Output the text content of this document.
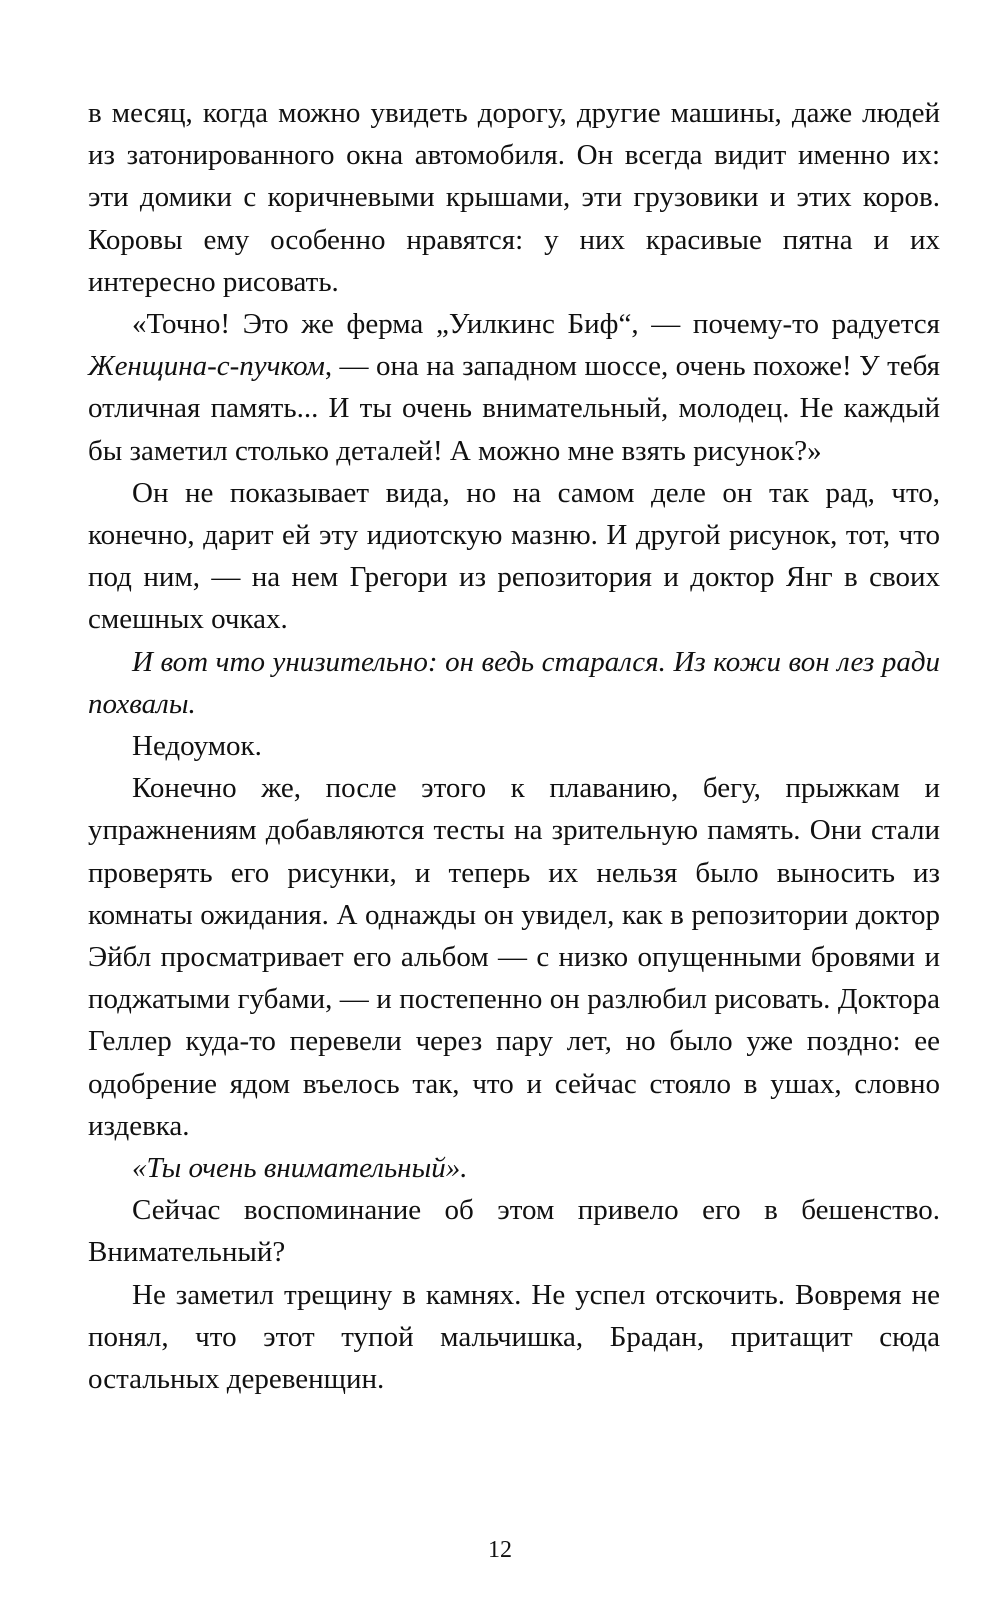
в месяц, когда можно увидеть дорогу, другие машины, даже людей из затонированного окна автомобиля. Он всегда видит именно их: эти домики с коричневыми крышами, эти грузовики и этих коров. Коровы ему особенно нравятся: у них красивые пятна и их интересно рисовать.

«Точно! Это же ферма „Уилкинс Биф“, — почему-то радуется Женщина-с-пучком, — она на западном шоссе, очень похоже! У тебя отличная память... И ты очень внимательный, молодец. Не каждый бы заметил столько деталей! А можно мне взять рисунок?»

Он не показывает вида, но на самом деле он так рад, что, конечно, дарит ей эту идиотскую мазню. И другой рисунок, тот, что под ним, — на нем Грегори из репозитория и доктор Янг в своих смешных очках.

И вот что унизительно: он ведь старался. Из кожи вон лез ради похвалы.

Недоумок.

Конечно же, после этого к плаванию, бегу, прыжкам и упражнениям добавляются тесты на зрительную память. Они стали проверять его рисунки, и теперь их нельзя было выносить из комнаты ожидания. А однажды он увидел, как в репозитории доктор Эйбл просматривает его альбом — с низко опущенными бровями и поджатыми губами, — и постепенно он разлюбил рисовать. Доктора Геллер куда-то перевели через пару лет, но было уже поздно: ее одобрение ядом въелось так, что и сейчас стояло в ушах, словно издевка.

«Ты очень внимательный».

Сейчас воспоминание об этом привело его в бешенство. Внимательный?

Не заметил трещину в камнях. Не успел отскочить. Вовремя не понял, что этот тупой мальчишка, Брадан, притащит сюда остальных деревенщин.

12
